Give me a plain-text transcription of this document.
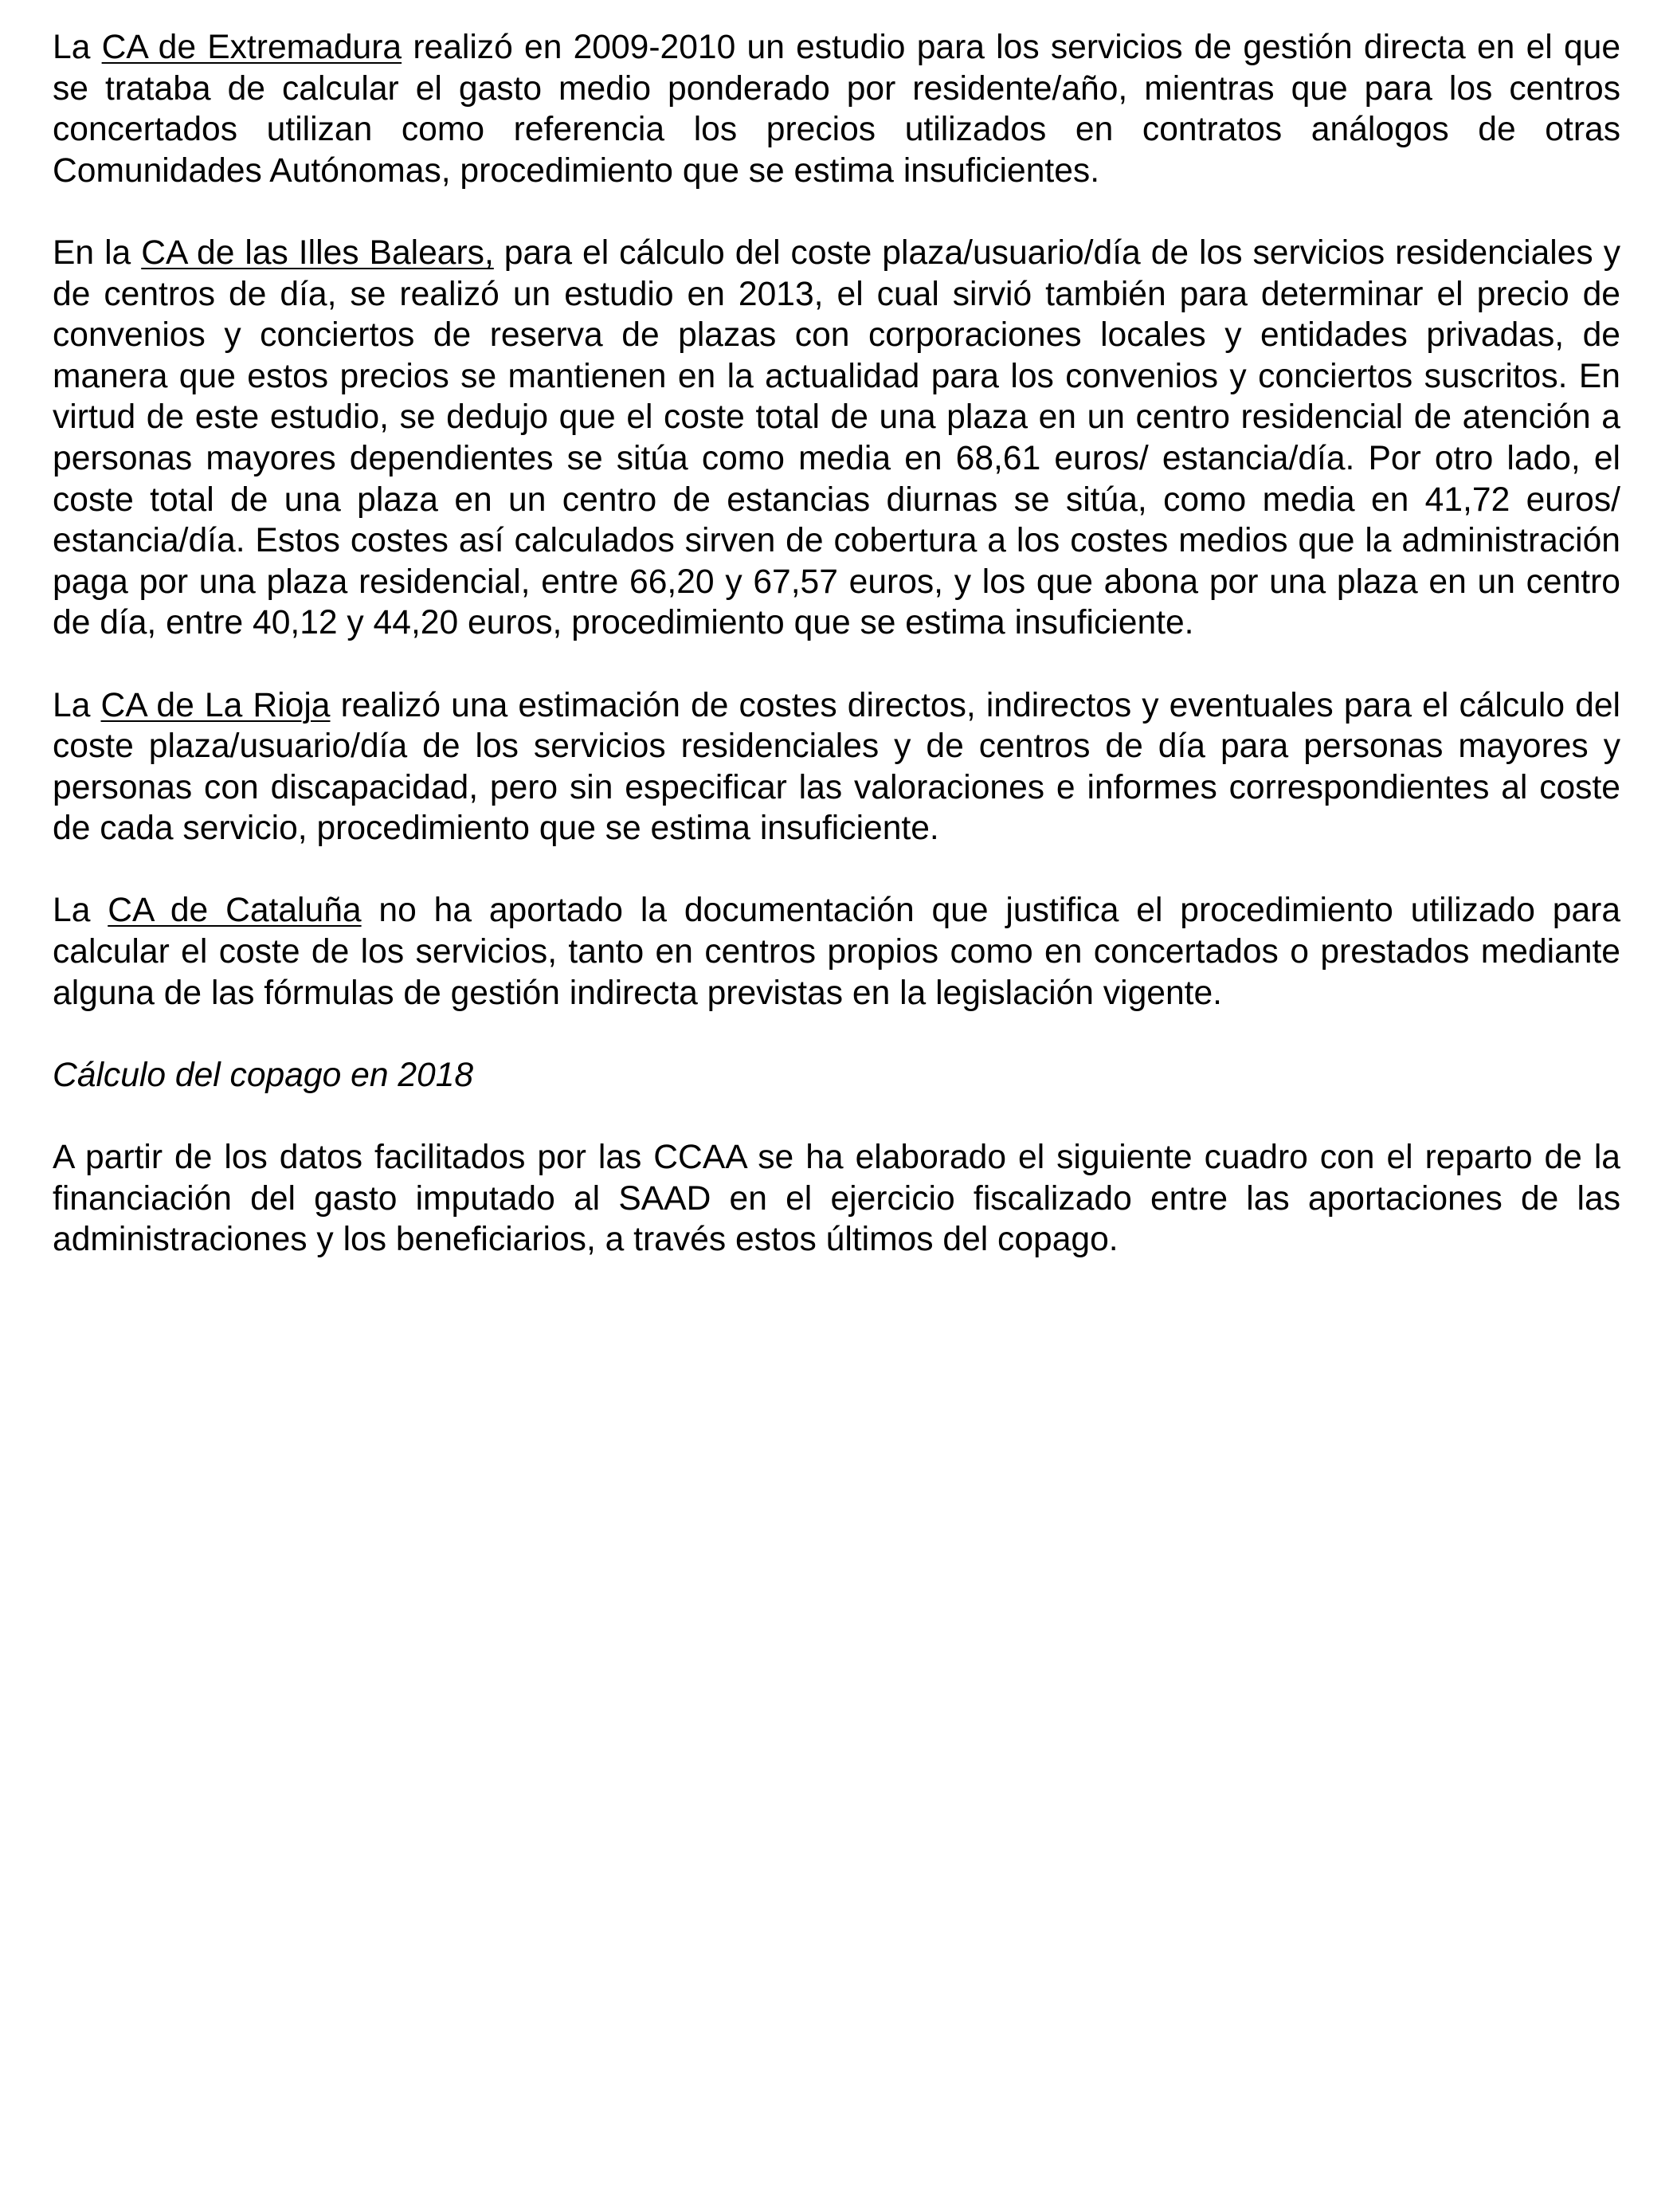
La CA de Extremadura realizó en 2009-2010 un estudio para los servicios de gestión directa en el que se trataba de calcular el gasto medio ponderado por residente/año, mientras que para los centros concertados utilizan como referencia los precios utilizados en contratos análogos de otras Comunidades Autónomas, procedimiento que se estima insuficientes.

En la CA de las Illes Balears, para el cálculo del coste plaza/usuario/día de los servicios residenciales y de centros de día, se realizó un estudio en 2013, el cual sirvió también para determinar el precio de convenios y conciertos de reserva de plazas con corporaciones locales y entidades privadas, de manera que estos precios se mantienen en la actualidad para los convenios y conciertos suscritos. En virtud de este estudio, se dedujo que el coste total de una plaza en un centro residencial de atención a personas mayores dependientes se sitúa como media en 68,61 euros/ estancia/día. Por otro lado, el coste total de una plaza en un centro de estancias diurnas se sitúa, como media en 41,72 euros/ estancia/día. Estos costes así calculados sirven de cobertura a los costes medios que la administración paga por una plaza residencial, entre 66,20 y 67,57 euros, y los que abona por una plaza en un centro de día, entre 40,12 y 44,20 euros, procedimiento que se estima insuficiente.

La CA de La Rioja realizó una estimación de costes directos, indirectos y eventuales para el cálculo del coste plaza/usuario/día de los servicios residenciales y de centros de día para personas mayores y personas con discapacidad, pero sin especificar las valoraciones e informes correspondientes al coste de cada servicio, procedimiento que se estima insuficiente.

La CA de Cataluña no ha aportado la documentación que justifica el procedimiento utilizado para calcular el coste de los servicios, tanto en centros propios como en concertados o prestados mediante alguna de las fórmulas de gestión indirecta previstas en la legislación vigente.

Cálculo del copago en 2018

A partir de los datos facilitados por las CCAA se ha elaborado el siguiente cuadro con el reparto de la financiación del gasto imputado al SAAD en el ejercicio fiscalizado entre las aportaciones de las administraciones y los beneficiarios, a través estos últimos del copago.
